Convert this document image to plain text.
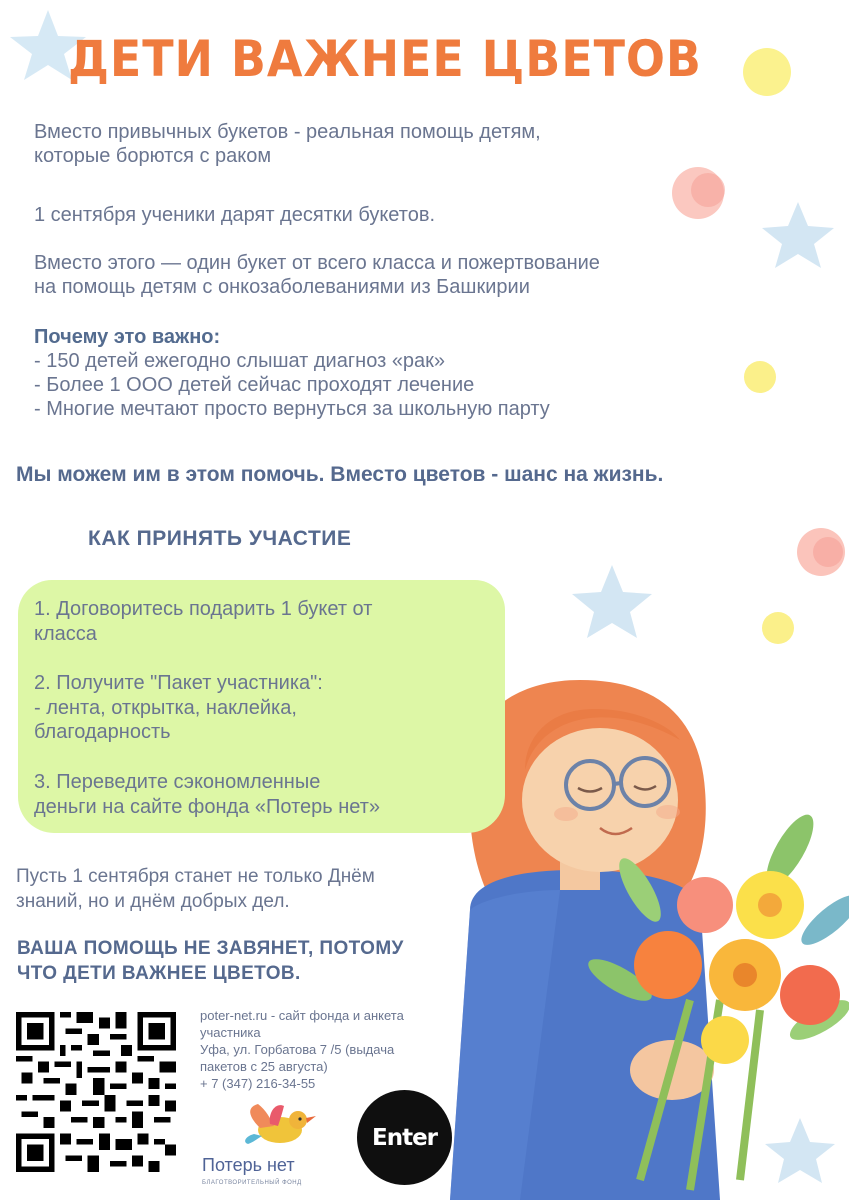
ДЕТИ ВАЖНЕЕ ЦВЕТОВ

Вместо привычных букетов - реальная помощь детям,
которые борются с раком

1 сентября ученики дарят десятки букетов.

Вместо этого — один букет от всего класса и пожертвование
на помощь детям с онкозаболеваниями из Башкирии

Почему это важно:

- 150 детей ежегодно слышат диагноз «рак»
- Более 1 ООО детей сейчас проходят лечение
- Многие мечтают просто вернуться за школьную парту

Мы можем им в этом помочь. Вместо цветов - шанс на жизнь.

КАК ПРИНЯТЬ УЧАСТИЕ

1. Договоритесь подарить 1 букет от
класса

2. Получите "Пакет участника":
- лента, открытка, наклейка,
благодарность

3. Переведите сэкономленные
деньги на сайте фонда «Потерь нет»

Пусть 1 сентября станет не только Днём
знаний, но и днём добрых дел.

ВАША ПОМОЩЬ НЕ ЗАВЯНЕТ, ПОТОМУ
ЧТО ДЕТИ ВАЖНЕЕ ЦВЕТОВ.

poter-net.ru - сайт фонда и анкета
участника

Уфа, ул. Горбатова 7 /5 (выдача
пакетов с 25 августа)

+ 7 (347) 216-34-55

Потерь нет

БЛАГОТВОРИТЕЛЬНЫЙ ФОНД

Enter
